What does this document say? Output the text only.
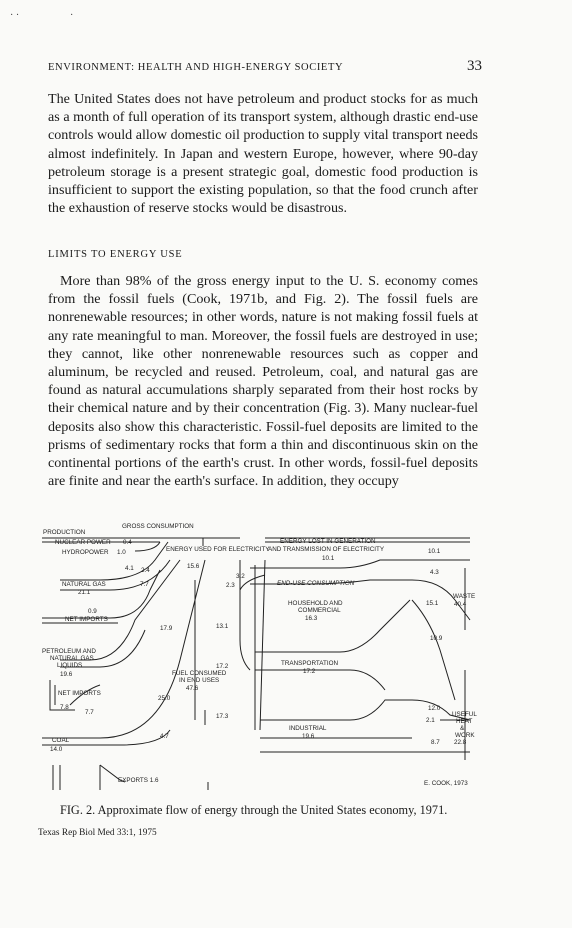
· ·	·
ENVIRONMENT: HEALTH AND HIGH-ENERGY SOCIETY	33

The United States does not have petroleum and product stocks for as much as a month of full operation of its transport system, although drastic end-use controls would allow domestic oil production to supply vital transport needs almost indefinitely. In Japan and western Europe, however, where 90-day petroleum storage is a present strategic goal, domestic food production is insufficient to support the existing population, so that the food crunch after the exhaustion of reserve stocks would be disastrous.

LIMITS TO ENERGY USE

More than 98% of the gross energy input to the U. S. economy comes from the fossil fuels (Cook, 1971b, and Fig. 2). The fossil fuels are nonrenewable resources; in other words, nature is not making fossil fuels at any rate meaningful to man. Moreover, the fossil fuels are destroyed in use; they cannot, like other nonrenewable resources such as copper and aluminum, be recycled and reused. Petroleum, coal, and natural gas are found as natural accumulations sharply separated from their host rocks by their chemical nature and by their concentration (Fig. 3). Many nuclear-fuel deposits also show this characteristic. Fossil-fuel deposits are limited to the prisms of sedimentary rocks that form a thin and discontinuous skin on the continental portions of the earth's crust. In other words, fossil-fuel deposits are finite and near the earth's surface. In addition, they occupy

GROSS CONSUMPTION
PRODUCTION
NUCLEAR POWER 0.4
HYDROPOWER 1.0
4.1 2.4
ENERGY USED FOR ELECTRICITY
15.6
NATURAL GAS
21.1
7.7
0.9
NET IMPORTS
17.9	13.1
PETROLEUM AND
NATURAL GAS
LIQUIDS
19.6
NET IMPORTS
7.8
7.7
COAL
14.0
4.7
EXPORTS 1.6
FUEL CONSUMED
IN END USES
47.6
25.0
17.2
17.3
3.2
2.3
ENERGY LOST IN GENERATION
AND TRANSMISSION OF ELECTRICITY
10.1
10.1
END-USE CONSUMPTION
HOUSEHOLD AND
COMMERCIAL
16.3
TRANSPORTATION
17.2
INDUSTRIAL
19.6
4.3
15.1
WASTE
40.4
10.9
12.0
USEFUL
HEAT
2.1
&
WORK
8.7 22.8
E. COOK, 1973
FIG. 2. Approximate flow of energy through the United States economy, 1971.
Texas Rep Biol Med 33:1, 1975
